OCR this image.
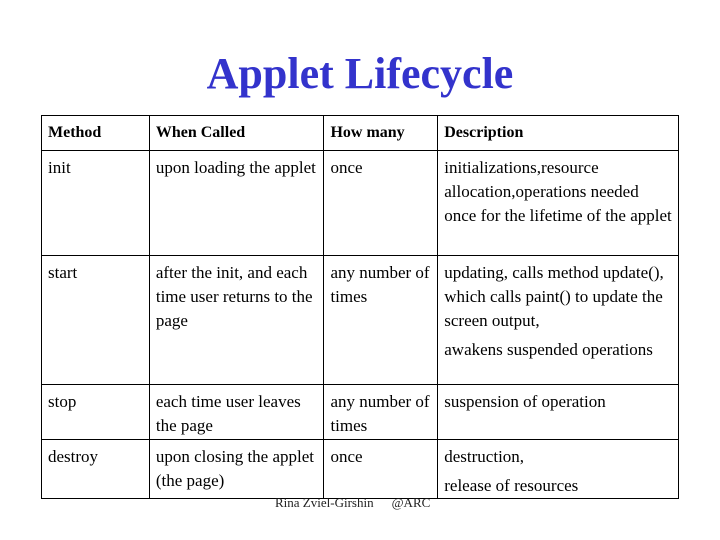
Applet Lifecycle
Method	When Called	How many	Description
init	upon loading the applet	once	initializations,resource allocation,operations needed once for the lifetime of the applet
start	after the init, and each time user returns to the page	any number of times	updating, calls method update(), which calls paint() to update the screen output,
awakens suspended operations

stop	each time user leaves the page	any number of times	suspension of operation
destroy	upon closing the applet (the page)	once	destruction,
release of resources
Rina Zviel-Girshin @ARC
